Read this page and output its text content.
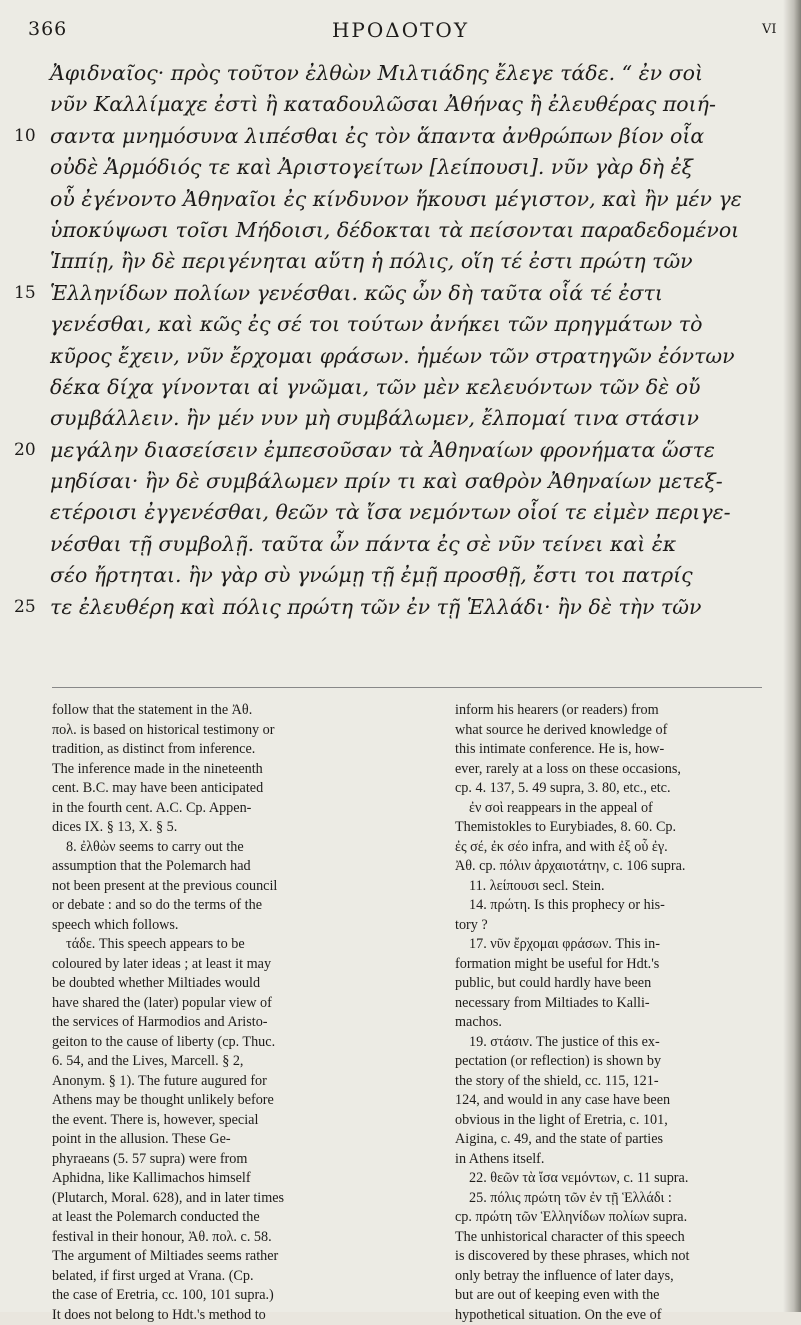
366	ΗΡΟΔΟΤΟΥ	VI
Ἀφιδναῖος· πρὸς τοῦτον ἐλθὼν Μιλτιάδης ἔλεγε τάδε. “ ἐν σοὶ
νῦν Καλλίμαχε ἐστὶ ἢ καταδουλῶσαι Ἀθήνας ἢ ἐλευθέρας ποιή-
10 σαντα μνημόσυνα λιπέσθαι ἐς τὸν ἅπαντα ἀνθρώπων βίον οἷα
οὐδὲ Ἁρμόδιός τε καὶ Ἀριστογείτων [λείπουσι]. νῦν γὰρ δὴ ἐξ
οὗ ἐγένοντο Ἀθηναῖοι ἐς κίνδυνον ἥκουσι μέγιστον, καὶ ἢν μέν γε
ὑποκύψωσι τοῖσι Μήδοισι, δέδοκται τὰ πείσονται παραδεδομένοι
Ἱππίῃ, ἢν δὲ περιγένηται αὕτη ἡ πόλις, οἵη τέ ἐστι πρώτη τῶν
15 Ἑλληνίδων πολίων γενέσθαι. κῶς ὦν δὴ ταῦτα οἷά τέ ἐστι
γενέσθαι, καὶ κῶς ἐς σέ τοι τούτων ἀνήκει τῶν πρηγμάτων τὸ
κῦρος ἔχειν, νῦν ἔρχομαι φράσων. ἡμέων τῶν στρατηγῶν ἐόντων
δέκα δίχα γίνονται αἱ γνῶμαι, τῶν μὲν κελευόντων τῶν δὲ οὔ
συμβάλλειν. ἢν μέν νυν μὴ συμβάλωμεν, ἔλπομαί τινα στάσιν
20 μεγάλην διασείσειν ἐμπεσοῦσαν τὰ Ἀθηναίων φρονήματα ὥστε
μηδίσαι· ἢν δὲ συμβάλωμεν πρίν τι καὶ σαθρὸν Ἀθηναίων μετεξ-
ετέροισι ἐγγενέσθαι, θεῶν τὰ ἴσα νεμόντων οἷοί τε εἰμὲν περιγε-
νέσθαι τῇ συμβολῇ. ταῦτα ὦν πάντα ἐς σὲ νῦν τείνει καὶ ἐκ
σέο ἤρτηται. ἢν γὰρ σὺ γνώμῃ τῇ ἐμῇ προσθῇ, ἔστι τοι πατρίς
25 τε ἐλευθέρη καὶ πόλις πρώτη τῶν ἐν τῇ Ἑλλάδι· ἢν δὲ τὴν τῶν
follow that the statement in the Ἀθ.
πολ. is based on historical testimony or
tradition, as distinct from inference.
The inference made in the nineteenth
cent. B.C. may have been anticipated
in the fourth cent. A.C. Cp. Appen-
dices IX. § 13, X. § 5.
8. ἐλθὼν seems to carry out the
assumption that the Polemarch had
not been present at the previous council
or debate : and so do the terms of the
speech which follows.
τάδε. This speech appears to be
coloured by later ideas ; at least it may
be doubted whether Miltiades would
have shared the (later) popular view of
the services of Harmodios and Aristo-
geiton to the cause of liberty (cp. Thuc.
6. 54, and the Lives, Marcell. § 2,
Anonym. § 1). The future augured for
Athens may be thought unlikely before
the event. There is, however, special
point in the allusion. These Ge-
phyraeans (5. 57 supra) were from
Aphidna, like Kallimachos himself
(Plutarch, Moral. 628), and in later times
at least the Polemarch conducted the
festival in their honour, Ἀθ. πολ. c. 58.
The argument of Miltiades seems rather
belated, if first urged at Vrana. (Cp.
the case of Eretria, cc. 100, 101 supra.)
It does not belong to Hdt.'s method to
inform his hearers (or readers) from
what source he derived knowledge of
this intimate conference. He is, how-
ever, rarely at a loss on these occasions,
cp. 4. 137, 5. 49 supra, 3. 80, etc., etc.
ἐν σοὶ reappears in the appeal of
Themistokles to Eurybiades, 8. 60. Cp.
ἐς σέ, ἐκ σέο infra, and with ἐξ οὗ ἐγ.
Ἀθ. cp. πόλιν ἀρχαιοτάτην, c. 106 supra.
11. λείπουσι secl. Stein.
14. πρώτη. Is this prophecy or his-
tory ?
17. νῦν ἔρχομαι φράσων. This in-
formation might be useful for Hdt.'s
public, but could hardly have been
necessary from Miltiades to Kalli-
machos.
19. στάσιν. The justice of this ex-
pectation (or reflection) is shown by
the story of the shield, cc. 115, 121-
124, and would in any case have been
obvious in the light of Eretria, c. 101,
Aigina, c. 49, and the state of parties
in Athens itself.
22. θεῶν τὰ ἴσα νεμόντων, c. 11 supra.
25. πόλις πρώτη τῶν ἐν τῇ Ἑλλάδι :
cp. πρώτη τῶν Ἑλληνίδων πολίων supra.
The unhistorical character of this speech
is discovered by these phrases, which not
only betray the influence of later days,
but are out of keeping even with the
hypothetical situation. On the eve of
